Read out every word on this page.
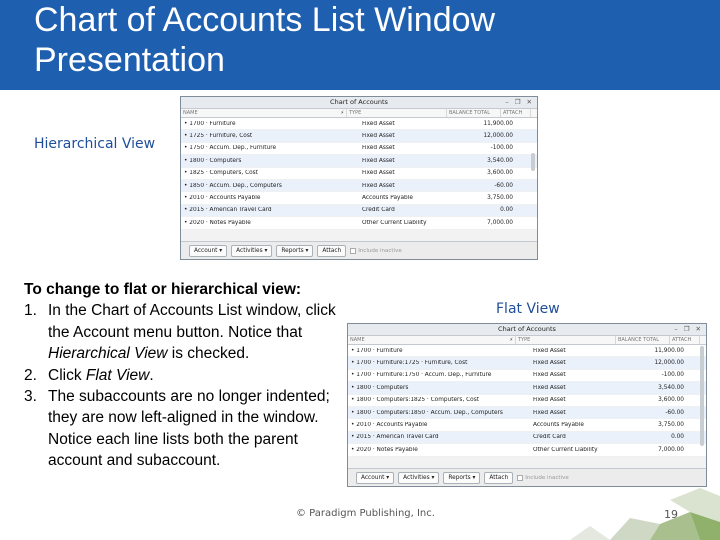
Chart of Accounts List Window Presentation
Hierarchical View
Chart of Accounts	– ❐ ✕
NAME	⚡	TYPE	BALANCE TOTAL	ATTACH
• 1700 · Furniture	Fixed Asset	11,900.00
• 1725 · Furniture, Cost	Fixed Asset	12,000.00
• 1750 · Accum. Dep., Furniture	Fixed Asset	-100.00
• 1800 · Computers	Fixed Asset	3,540.00
• 1825 · Computers, Cost	Fixed Asset	3,600.00
• 1850 · Accum. Dep., Computers	Fixed Asset	-60.00
• 2010 · Accounts Payable	Accounts Payable	3,750.00
• 2015 · American Travel Card	Credit Card	0.00
• 2020 · Notes Payable	Other Current Liability	7,000.00
Account ▾	Activities ▾	Reports ▾	Attach	Include inactive
To change to flat or hierarchical view:
1. In the Chart of Accounts List window, click the Account menu button. Notice that Hierarchical View is checked.
2. Click Flat View.
3. The subaccounts are no longer indented; they are now left-aligned in the window. Notice each line lists both the parent account and subaccount.
Flat View
Chart of Accounts	– ❐ ✕
NAME	⚡	TYPE	BALANCE TOTAL	ATTACH
• 1700 · Furniture	Fixed Asset	11,900.00
• 1700 · Furniture:1725 · Furniture, Cost	Fixed Asset	12,000.00
• 1700 · Furniture:1750 · Accum. Dep., Furniture	Fixed Asset	-100.00
• 1800 · Computers	Fixed Asset	3,540.00
• 1800 · Computers:1825 · Computers, Cost	Fixed Asset	3,600.00
• 1800 · Computers:1850 · Accum. Dep., Computers	Fixed Asset	-60.00
• 2010 · Accounts Payable	Accounts Payable	3,750.00
• 2015 · American Travel Card	Credit Card	0.00
• 2020 · Notes Payable	Other Current Liability	7,000.00
Account ▾	Activities ▾	Reports ▾	Attach	Include inactive
© Paradigm Publishing, Inc.	19
